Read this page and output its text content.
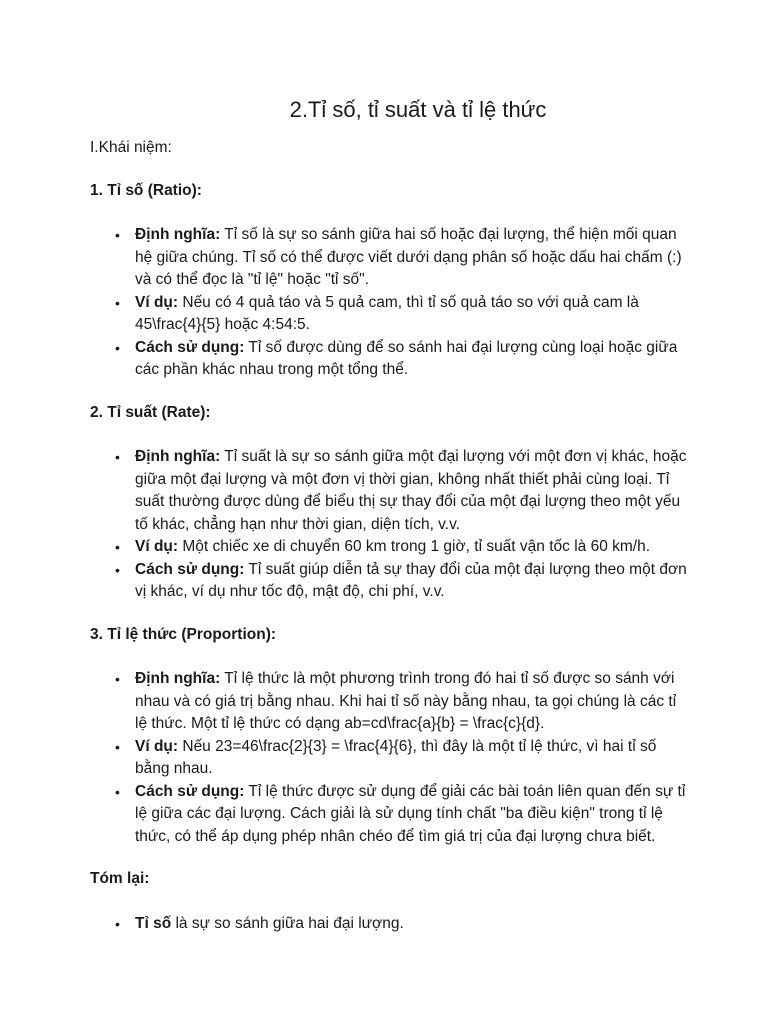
2.Tỉ số, tỉ suất và tỉ lệ thức

I.Khái niệm:

1. Tỉ số (Ratio):

• Định nghĩa: Tỉ số là sự so sánh giữa hai số hoặc đại lượng, thể hiện mối quan hệ giữa chúng. Tỉ số có thể được viết dưới dạng phân số hoặc dấu hai chấm (:) và có thể đọc là "tỉ lệ" hoặc "tỉ số".
• Ví dụ: Nếu có 4 quả táo và 5 quả cam, thì tỉ số quả táo so với quả cam là 45\frac{4}{5} hoặc 4:54:5.
• Cách sử dụng: Tỉ số được dùng để so sánh hai đại lượng cùng loại hoặc giữa các phần khác nhau trong một tổng thể.

2. Tỉ suất (Rate):

• Định nghĩa: Tỉ suất là sự so sánh giữa một đại lượng với một đơn vị khác, hoặc giữa một đại lượng và một đơn vị thời gian, không nhất thiết phải cùng loại. Tỉ suất thường được dùng để biểu thị sự thay đổi của một đại lượng theo một yếu tố khác, chẳng hạn như thời gian, diện tích, v.v.
• Ví dụ: Một chiếc xe di chuyển 60 km trong 1 giờ, tỉ suất vận tốc là 60 km/h.
• Cách sử dụng: Tỉ suất giúp diễn tả sự thay đổi của một đại lượng theo một đơn vị khác, ví dụ như tốc độ, mật độ, chi phí, v.v.

3. Tỉ lệ thức (Proportion):

• Định nghĩa: Tỉ lệ thức là một phương trình trong đó hai tỉ số được so sánh với nhau và có giá trị bằng nhau. Khi hai tỉ số này bằng nhau, ta gọi chúng là các tỉ lệ thức. Một tỉ lệ thức có dạng ab=cd\frac{a}{b} = \frac{c}{d}.
• Ví dụ: Nếu 23=46\frac{2}{3} = \frac{4}{6}, thì đây là một tỉ lệ thức, vì hai tỉ số bằng nhau.
• Cách sử dụng: Tỉ lệ thức được sử dụng để giải các bài toán liên quan đến sự tỉ lệ giữa các đại lượng. Cách giải là sử dụng tính chất "ba điều kiện" trong tỉ lệ thức, có thể áp dụng phép nhân chéo để tìm giá trị của đại lượng chưa biết.

Tóm lại:

• Tỉ số là sự so sánh giữa hai đại lượng.
